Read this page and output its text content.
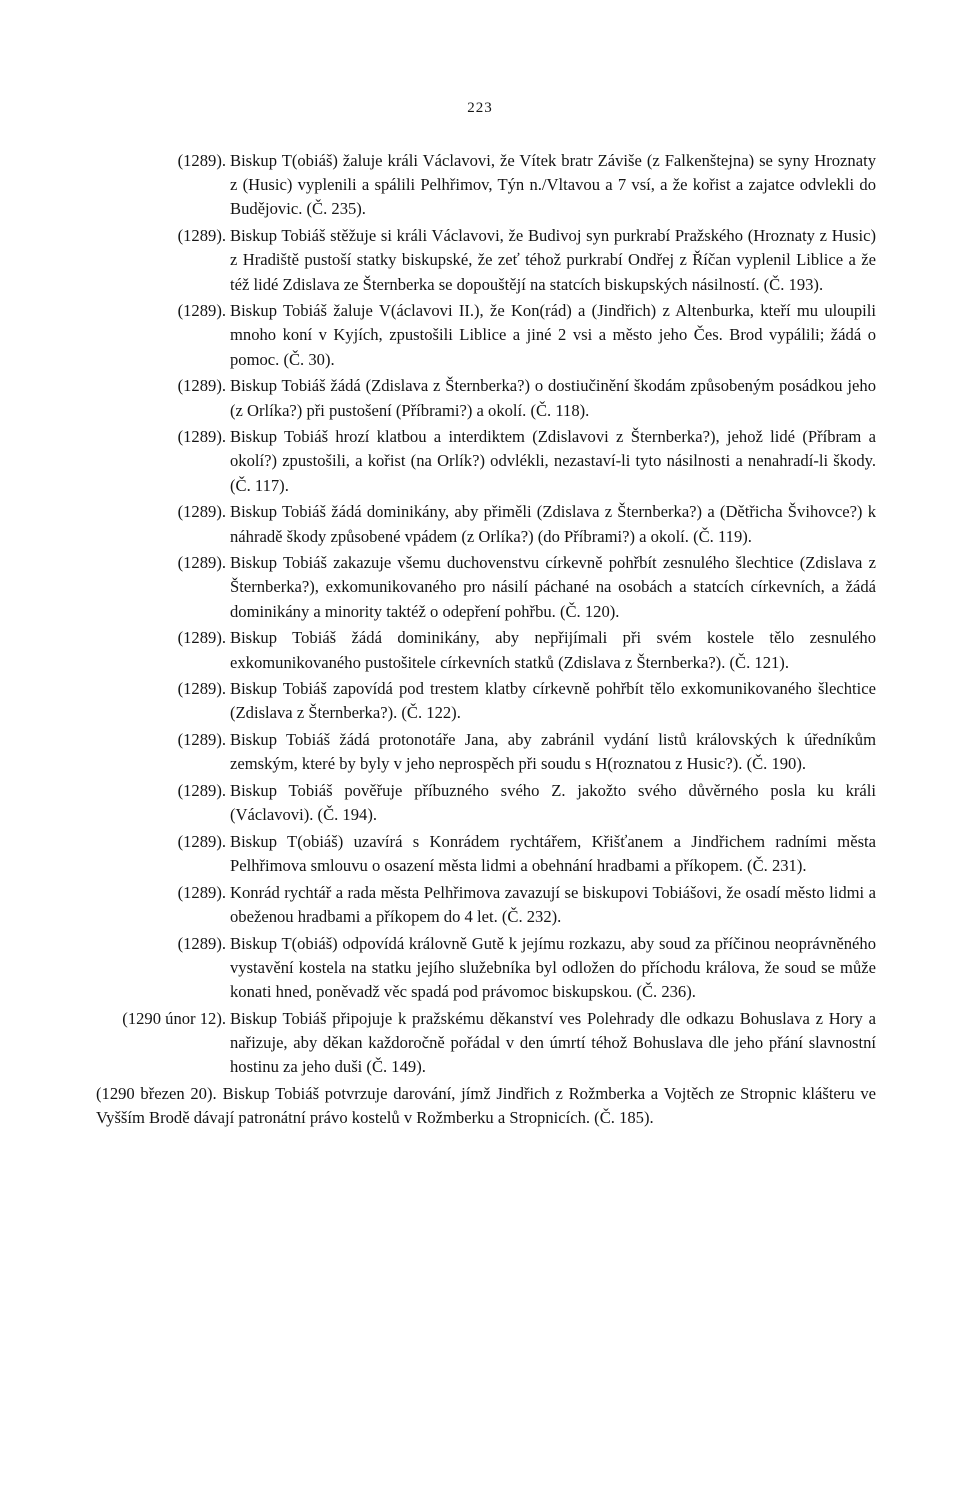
223
(1289). Biskup T(obiáš) žaluje králi Václavovi, že Vítek bratr Záviše (z Falkenštejna) se syny Hroznaty z (Husic) vyplenili a spálili Pelhřimov, Týn n./Vltavou a 7 vsí, a že kořist a zajatce odvlekli do Budějovic. (Č. 235).
(1289). Biskup Tobiáš stěžuje si králi Václavovi, že Budivoj syn purkrabí Pražského (Hroznaty z Husic) z Hradiště pustoší statky biskupské, že zeť téhož purkrabí Ondřej z Říčan vyplenil Liblice a že též lidé Zdislava ze Šternberka se dopouštějí na statcích biskupských násilností. (Č. 193).
(1289). Biskup Tobiáš žaluje V(áclavovi II.), že Kon(rád) a (Jindřich) z Altenburka, kteří mu uloupili mnoho koní v Kyjích, zpustošili Liblice a jiné 2 vsi a město jeho Čes. Brod vypálili; žádá o pomoc. (Č. 30).
(1289). Biskup Tobiáš žádá (Zdislava z Šternberka?) o dostiučinění škodám způsobeným posádkou jeho (z Orlíka?) při pustošení (Příbrami?) a okolí. (Č. 118).
(1289). Biskup Tobiáš hrozí klatbou a interdiktem (Zdislavovi z Šternberka?), jehož lidé (Příbram a okolí?) zpustošili, a kořist (na Orlík?) odvlékli, nezastaví-li tyto násilnosti a nenahradí-li škody. (Č. 117).
(1289). Biskup Tobiáš žádá dominikány, aby přiměli (Zdislava z Šternberka?) a (Dětřicha Švihovce?) k náhradě škody způsobené vpádem (z Orlíka?) (do Příbrami?) a okolí. (Č. 119).
(1289). Biskup Tobiáš zakazuje všemu duchovenstvu církevně pohřbít zesnulého šlechtice (Zdislava z Šternberka?), exkomunikovaného pro násilí páchané na osobách a statcích církevních, a žádá dominikány a minority taktéž o odepření pohřbu. (Č. 120).
(1289). Biskup Tobiáš žádá dominikány, aby nepřijímali při svém kostele tělo zesnulého exkomunikovaného pustošitele církevních statků (Zdislava z Šternberka?). (Č. 121).
(1289). Biskup Tobiáš zapovídá pod trestem klatby církevně pohřbít tělo exkomunikovaného šlechtice (Zdislava z Šternberka?). (Č. 122).
(1289). Biskup Tobiáš žádá protonotáře Jana, aby zabránil vydání listů královských k úředníkům zemským, které by byly v jeho neprospěch při soudu s H(roznatou z Husic?). (Č. 190).
(1289). Biskup Tobiáš pověřuje příbuzného svého Z. jakožto svého důvěrného posla ku králi (Václavovi). (Č. 194).
(1289). Biskup T(obiáš) uzavírá s Konrádem rychtářem, Křišťanem a Jindřichem radními města Pelhřimova smlouvu o osazení města lidmi a obehnání hradbami a příkopem. (Č. 231).
(1289). Konrád rychtář a rada města Pelhřimova zavazují se biskupovi Tobiášovi, že osadí město lidmi a obeženou hradbami a příkopem do 4 let. (Č. 232).
(1289). Biskup T(obiáš) odpovídá královně Gutě k jejímu rozkazu, aby soud za příčinou neoprávněného vystavění kostela na statku jejího služebníka byl odložen do příchodu králova, že soud se může konati hned, poněvadž věc spadá pod právomoc biskupskou. (Č. 236).
(1290 únor 12). Biskup Tobiáš připojuje k pražskému děkanství ves Polehrady dle odkazu Bohuslava z Hory a nařizuje, aby děkan každoročně pořádal v den úmrtí téhož Bohuslava dle jeho přání slavnostní hostinu za jeho duši (Č. 149).
(1290 březen 20). Biskup Tobiáš potvrzuje darování, jímž Jindřich z Rožmberka a Vojtěch ze Stropnic klášteru ve Vyšším Brodě dávají patronátní právo kostelů v Rožmberku a Stropnicích. (Č. 185).
